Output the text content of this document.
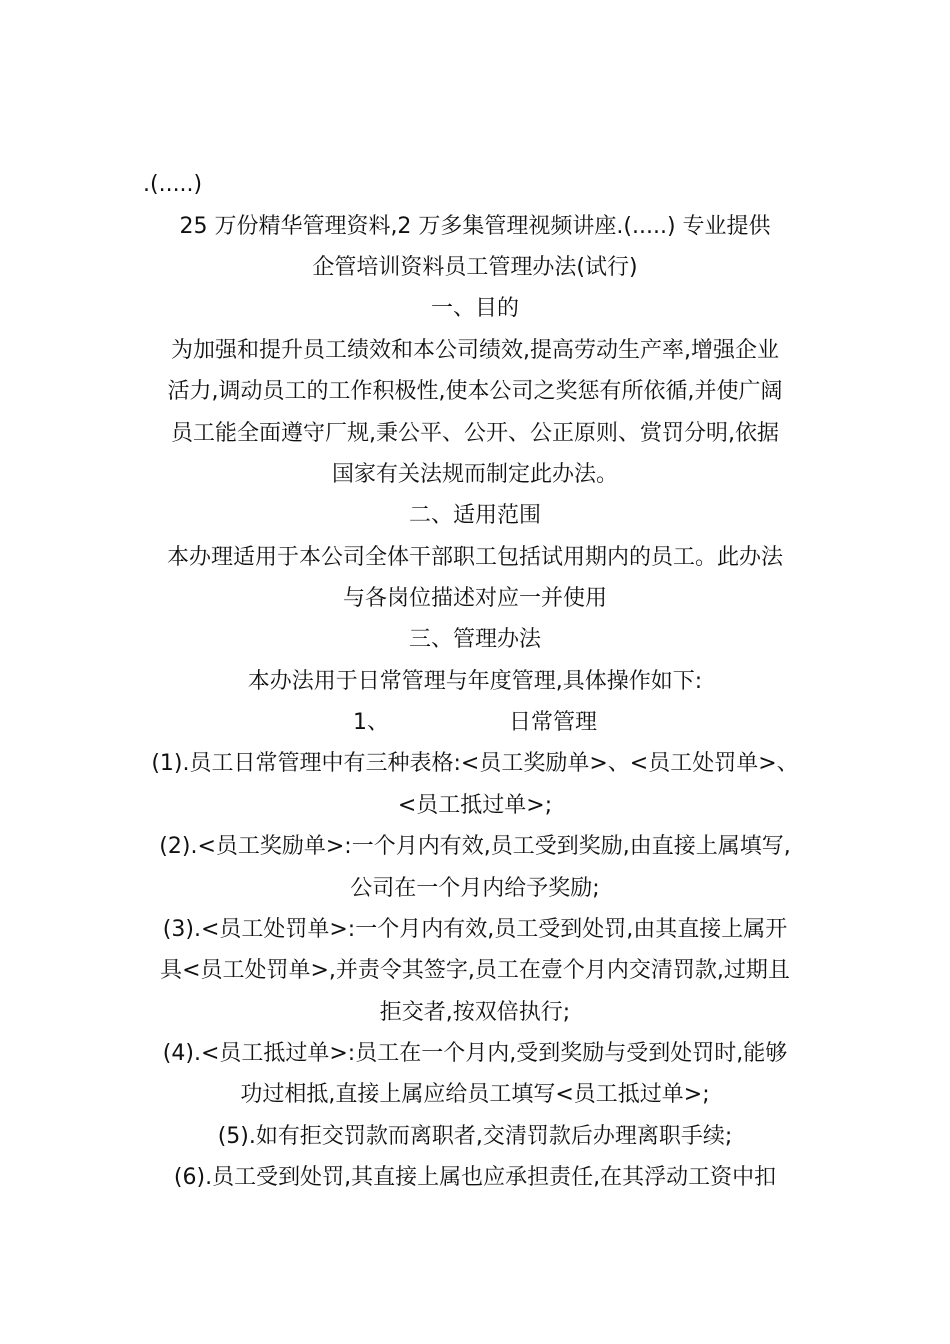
.(.....)
25 万份精华管理资料,2 万多集管理视频讲座.(.....) 专业提供
企管培训资料员工管理办法(试行)
一、目的
为加强和提升员工绩效和本公司绩效,提高劳动生产率,增强企业
活力,调动员工的工作积极性,使本公司之奖惩有所依循,并使广阔
员工能全面遵守厂规,秉公平、公开、公正原则、赏罚分明,依据
国家有关法规而制定此办法。
二、适用范围
本办理适用于本公司全体干部职工包括试用期内的员工。此办法
与各岗位描述对应一并使用
三、管理办法
本办法用于日常管理与年度管理,具体操作如下:
1、	日常管理
(1).员工日常管理中有三种表格:<员工奖励单>、<员工处罚单>、
<员工抵过单>;
(2).<员工奖励单>:一个月内有效,员工受到奖励,由直接上属填写,
公司在一个月内给予奖励;
(3).<员工处罚单>:一个月内有效,员工受到处罚,由其直接上属开
具<员工处罚单>,并责令其签字,员工在壹个月内交清罚款,过期且
拒交者,按双倍执行;
(4).<员工抵过单>:员工在一个月内,受到奖励与受到处罚时,能够
功过相抵,直接上属应给员工填写<员工抵过单>;
(5).如有拒交罚款而离职者,交清罚款后办理离职手续;
(6).员工受到处罚,其直接上属也应承担责任,在其浮动工资中扣
